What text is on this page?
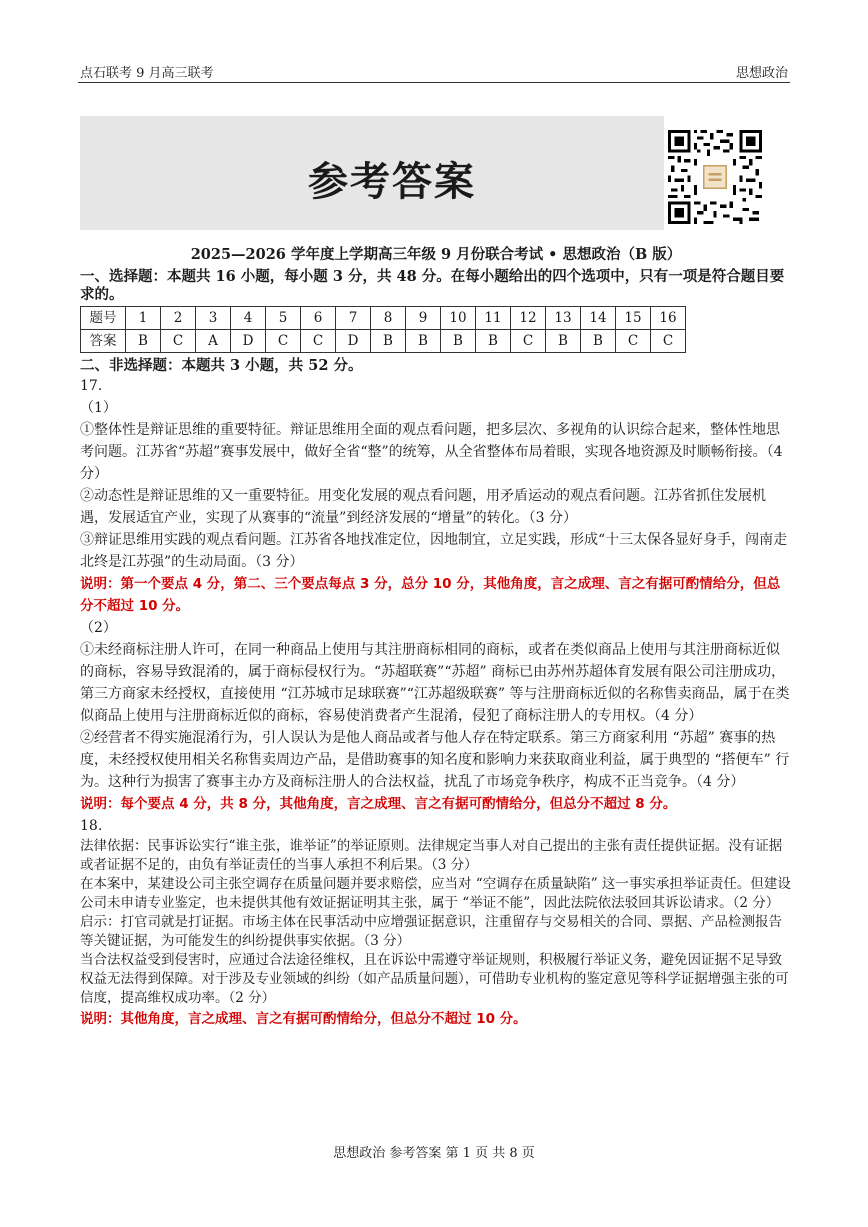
点石联考 9 月高三联考	思想政治
参考答案
2025—2026 学年度上学期高三年级 9 月份联合考试 • 思想政治（B 版）
一、选择题：本题共 16 小题，每小题 3 分，共 48 分。在每小题给出的四个选项中，只有一项是符合题目要求的。
题号	1	2	3	4	5	6	7	8	9	10	11	12	13	14	15	16
答案	B	C	A	D	C	C	D	B	B	B	B	C	B	B	C	C
二、非选择题：本题共 3 小题，共 52 分。

17.

（1）

①整体性是辩证思维的重要特征。辩证思维用全面的观点看问题，把多层次、多视角的认识综合起来，整体性地思考问题。江苏省“苏超”赛事发展中，做好全省“整”的统筹，从全省整体布局着眼，实现各地资源及时顺畅衔接。（4 分）

②动态性是辩证思维的又一重要特征。用变化发展的观点看问题，用矛盾运动的观点看问题。江苏省抓住发展机遇，发展适宜产业，实现了从赛事的“流量”到经济发展的“增量”的转化。（3 分）

③辩证思维用实践的观点看问题。江苏省各地找准定位，因地制宜，立足实践，形成“十三太保各显好身手，闯南走北终是江苏强”的生动局面。（3 分）

说明：第一个要点 4 分，第二、三个要点每点 3 分，总分 10 分，其他角度，言之成理、言之有据可酌情给分，但总分不超过 10 分。

（2）

①未经商标注册人许可，在同一种商品上使用与其注册商标相同的商标，或者在类似商品上使用与其注册商标近似的商标，容易导致混淆的，属于商标侵权行为。“苏超联赛”“苏超” 商标已由苏州苏超体育发展有限公司注册成功，第三方商家未经授权，直接使用 “江苏城市足球联赛”“江苏超级联赛” 等与注册商标近似的名称售卖商品，属于在类似商品上使用与注册商标近似的商标，容易使消费者产生混淆，侵犯了商标注册人的专用权。（4 分）

②经营者不得实施混淆行为，引人误认为是他人商品或者与他人存在特定联系。第三方商家利用 “苏超” 赛事的热度，未经授权使用相关名称售卖周边产品，是借助赛事的知名度和影响力来获取商业利益，属于典型的 “搭便车” 行为。这种行为损害了赛事主办方及商标注册人的合法权益，扰乱了市场竞争秩序，构成不正当竞争。（4 分）

说明：每个要点 4 分，共 8 分，其他角度，言之成理、言之有据可酌情给分，但总分不超过 8 分。

18.

法律依据：民事诉讼实行“谁主张，谁举证”的举证原则。法律规定当事人对自己提出的主张有责任提供证据。没有证据或者证据不足的，由负有举证责任的当事人承担不利后果。（3 分）

在本案中，某建设公司主张空调存在质量问题并要求赔偿，应当对 “空调存在质量缺陷” 这一事实承担举证责任。但建设公司未申请专业鉴定，也未提供其他有效证据证明其主张，属于 “举证不能”，因此法院依法驳回其诉讼请求。（2 分）

启示：打官司就是打证据。市场主体在民事活动中应增强证据意识，注重留存与交易相关的合同、票据、产品检测报告等关键证据，为可能发生的纠纷提供事实依据。（3 分）

当合法权益受到侵害时，应通过合法途径维权，且在诉讼中需遵守举证规则，积极履行举证义务，避免因证据不足导致权益无法得到保障。对于涉及专业领域的纠纷（如产品质量问题），可借助专业机构的鉴定意见等科学证据增强主张的可信度，提高维权成功率。（2 分）

说明：其他角度，言之成理、言之有据可酌情给分，但总分不超过 10 分。

思想政治 参考答案 第 1 页 共 8 页
